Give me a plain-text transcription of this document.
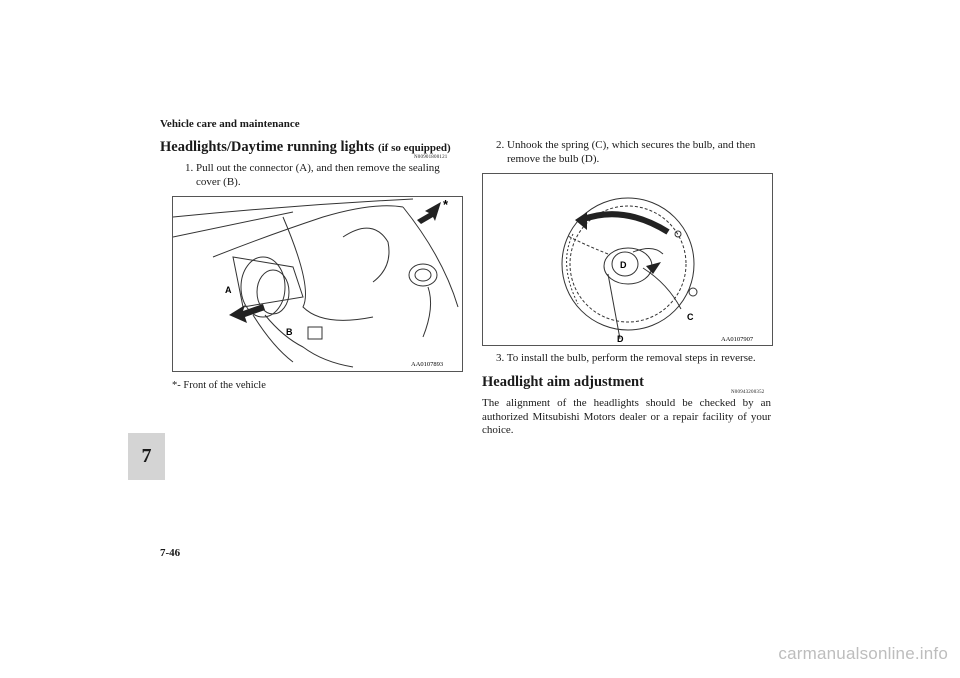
Vehicle care and maintenance
7
7-46
Headlights/Daytime running lights (if so equipped)
N00901800121
1. Pull out the connector (A), and then remove the sealing
cover (B).
A
B
*
AA0107893
*- Front of the vehicle
2. Unhook the spring (C), which secures the bulb, and then
remove the bulb (D).
D
C
D	AA0107907
3. To install the bulb, perform the removal steps in reverse.
Headlight aim adjustment
N00943200352
The alignment of the headlights should be checked by an authorized Mitsubishi Motors dealer or a repair facility of your choice.
carmanualsonline.info
